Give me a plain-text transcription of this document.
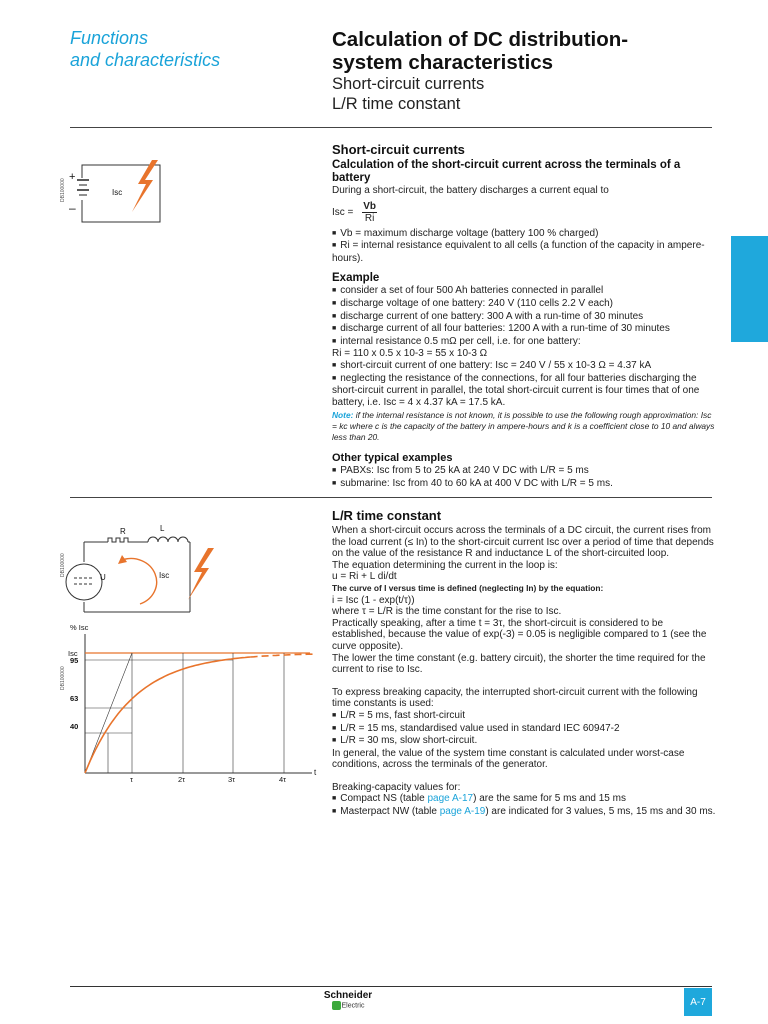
Functions
and characteristics
Calculation of DC distribution-
system characteristics
Short-circuit currents
L/R time constant
DB100000
+
–
Isc
DB100000
R	L
U	Isc
DB100000
% Isc
Isc
95
63
40
τ	2τ	3τ	4τ
t
Short-circuit currents
Calculation of the short-circuit current across the terminals of a battery
During a short-circuit, the battery discharges a current equal to
Isc = $\frac{Vb}{Ri}$
■ Vb = maximum discharge voltage (battery 100 % charged)
■ Ri = internal resistance equivalent to all cells (a function of the capacity in ampere-hours).
Example
■ consider a set of four 500 Ah batteries connected in parallel
■ discharge voltage of one battery: 240 V (110 cells 2.2 V each)
■ discharge current of one battery: 300 A with a run-time of 30 minutes
■ discharge current of all four batteries: 1200 A with a run-time of 30 minutes
■ internal resistance 0.5 mΩ per cell, i.e. for one battery:
Ri = 110 x 0.5 x 10-3 = 55 x 10-3 Ω
■ short-circuit current of one battery: Isc = 240 V / 55 x 10-3 Ω = 4.37 kA
■ neglecting the resistance of the connections, for all four batteries discharging the short-circuit current in parallel, the total short-circuit current is four times that of one battery, i.e. Isc = 4 x 4.37 kA = 17.5 kA.
Note: if the internal resistance is not known, it is possible to use the following rough approximation: Isc = kc where c is the capacity of the battery in ampere-hours and k is a coefficient close to 10 and always less than 20.
Other typical examples
■ PABXs: Isc from 5 to 25 kA at 240 V DC with L/R = 5 ms
■ submarine: Isc from 40 to 60 kA at 400 V DC with L/R = 5 ms.
L/R time constant
When a short-circuit occurs across the terminals of a DC circuit, the current rises from the load current (≤ In) to the short-circuit current Isc over a period of time that depends on the value of the resistance R and inductance L of the short-circuited loop.
The equation determining the current in the loop is:
u = Ri + L di/dt
The curve of I versus time is defined (neglecting In) by the equation:
i = Isc (1 - exp(t/τ))
where τ = L/R is the time constant for the rise to Isc.
Practically speaking, after a time t = 3τ, the short-circuit is considered to be established, because the value of exp(-3) = 0.05 is negligible compared to 1 (see the curve opposite).
The lower the time constant (e.g. battery circuit), the shorter the time required for the current to rise to Isc.
To express breaking capacity, the interrupted short-circuit current with the following time constants is used:
■ L/R = 5 ms, fast short-circuit
■ L/R = 15 ms, standardised value used in standard IEC 60947-2
■ L/R = 30 ms, slow short-circuit.
In general, the value of the system time constant is calculated under worst-case conditions, across the terminals of the generator.
Breaking-capacity values for:
■ Compact NS (table page A-17) are the same for 5 ms and 15 ms
■ Masterpact NW (table page A-19) are indicated for 3 values, 5 ms, 15 ms and 30 ms.
Schneider
Electric	A-7
